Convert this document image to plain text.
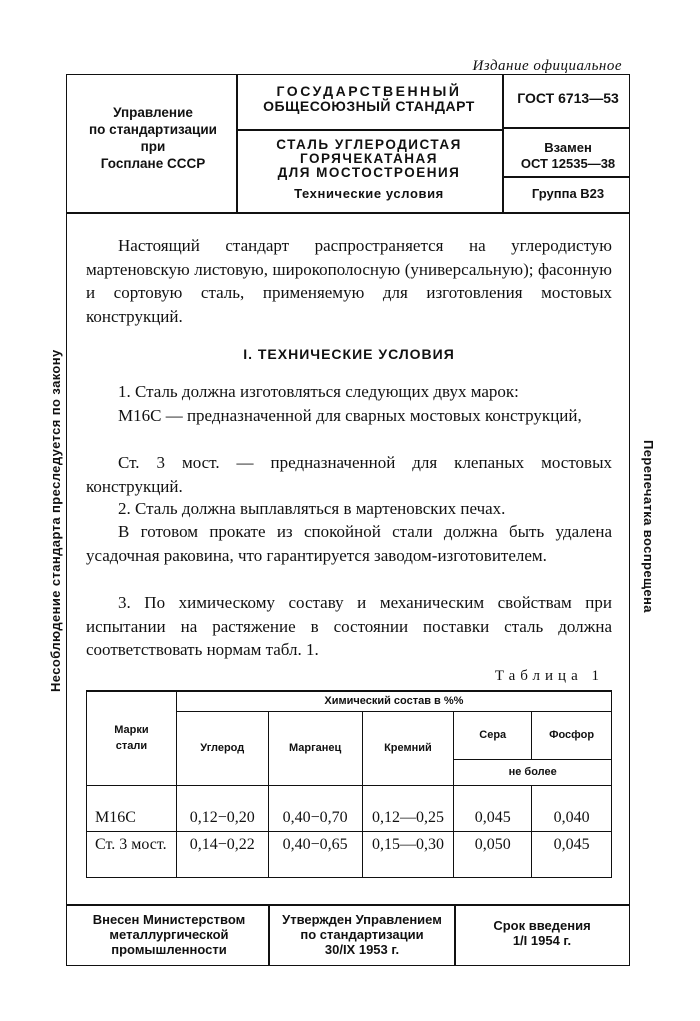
Издание официальное
Управление
по стандартизации
при
Госплане СССР
ГОСУДАРСТВЕННЫЙ
ОБЩЕСОЮЗНЫЙ СТАНДАРТ	ГОСТ 6713—53
СТАЛЬ УГЛЕРОДИСТАЯ
ГОРЯЧЕКАТАНАЯ
ДЛЯ МОСТОСТРОЕНИЯ
Технические условия
Взамен
ОСТ 12535—38
Группа В23
Настоящий стандарт распространяется на углеродистую мартеновскую листовую, широкополосную (универсальную); фасонную и сортовую сталь, применяемую для изготовления мостовых конструкций.
I. ТЕХНИЧЕСКИЕ УСЛОВИЯ
1. Сталь должна изготовляться следующих двух марок:
М16С — предназначенной для сварных мостовых конструкций,
Ст. 3 мост. — предназначенной для клепаных мостовых конструкций.
2. Сталь должна выплавляться в мартеновских печах.
В готовом прокате из спокойной стали должна быть удалена усадочная раковина, что гарантируется заводом-изготовителем.
3. По химическому составу и механическим свойствам при испытании на растяжение в состоянии поставки сталь должна соответствовать нормам табл. 1.
Несоблюдение стандарта преследуется по закону	Перепечатка воспрещена
Таблица 1
Марки стали	Химический состав в %%				
	Углерод	Марганец	Кремний	Сера	Фосфор
				не более	
М16С	0,12−0,20	0,40−0,70	0,12—0,25	0,045	0,040
Ст. 3 мост.	0,14−0,22	0,40−0,65	0,15—0,30	0,050	0,045
Внесен Министерством
металлургической
промышленности
Утвержден Управлением
по стандартизации
30/IX 1953 г.
Срок введения
1/I 1954 г.
